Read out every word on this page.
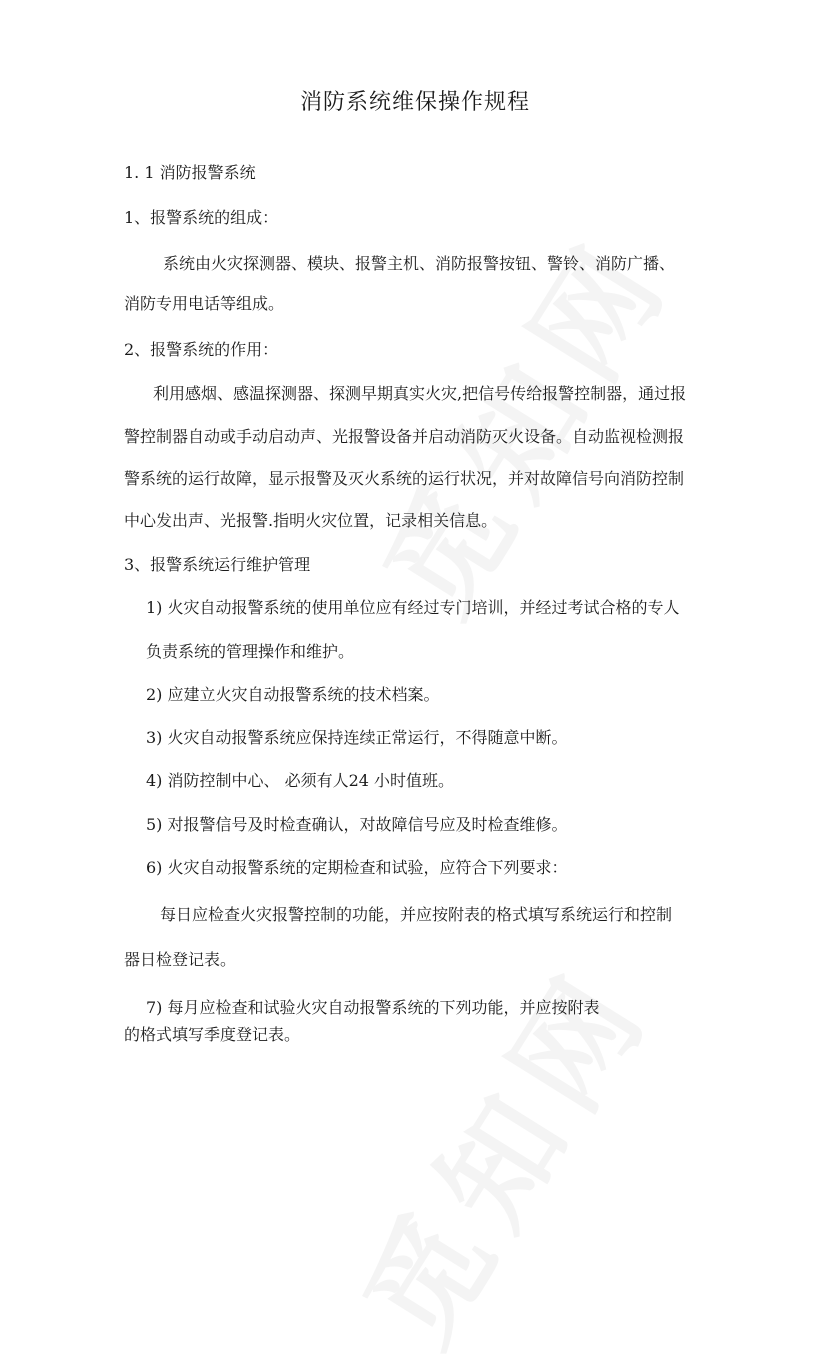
消防系统维保操作规程
1. 1 消防报警系统
1、报警系统的组成：
系统由火灾探测器、模块、报警主机、消防报警按钮、警铃、消防广播、
消防专用电话等组成。
2、报警系统的作用：
利用感烟、感温探测器、探测早期真实火灾,把信号传给报警控制器，通过报
警控制器自动或手动启动声、光报警设备并启动消防灭火设备。自动监视检测报
警系统的运行故障，显示报警及灭火系统的运行状况，并对故障信号向消防控制
中心发出声、光报警.指明火灾位置，记录相关信息。
3、报警系统运行维护管理
1) 火灾自动报警系统的使用单位应有经过专门培训，并经过考试合格的专人
负责系统的管理操作和维护。
2) 应建立火灾自动报警系统的技术档案。
3) 火灾自动报警系统应保持连续正常运行，不得随意中断。
4) 消防控制中心、 必须有人24 小时值班。
5) 对报警信号及时检查确认，对故障信号应及时检查维修。
6) 火灾自动报警系统的定期检查和试验，应符合下列要求：
每日应检查火灾报警控制的功能，并应按附表的格式填写系统运行和控制
器日检登记表。
7) 每月应检查和试验火灾自动报警系统的下列功能，并应按附表
的格式填写季度登记表。
